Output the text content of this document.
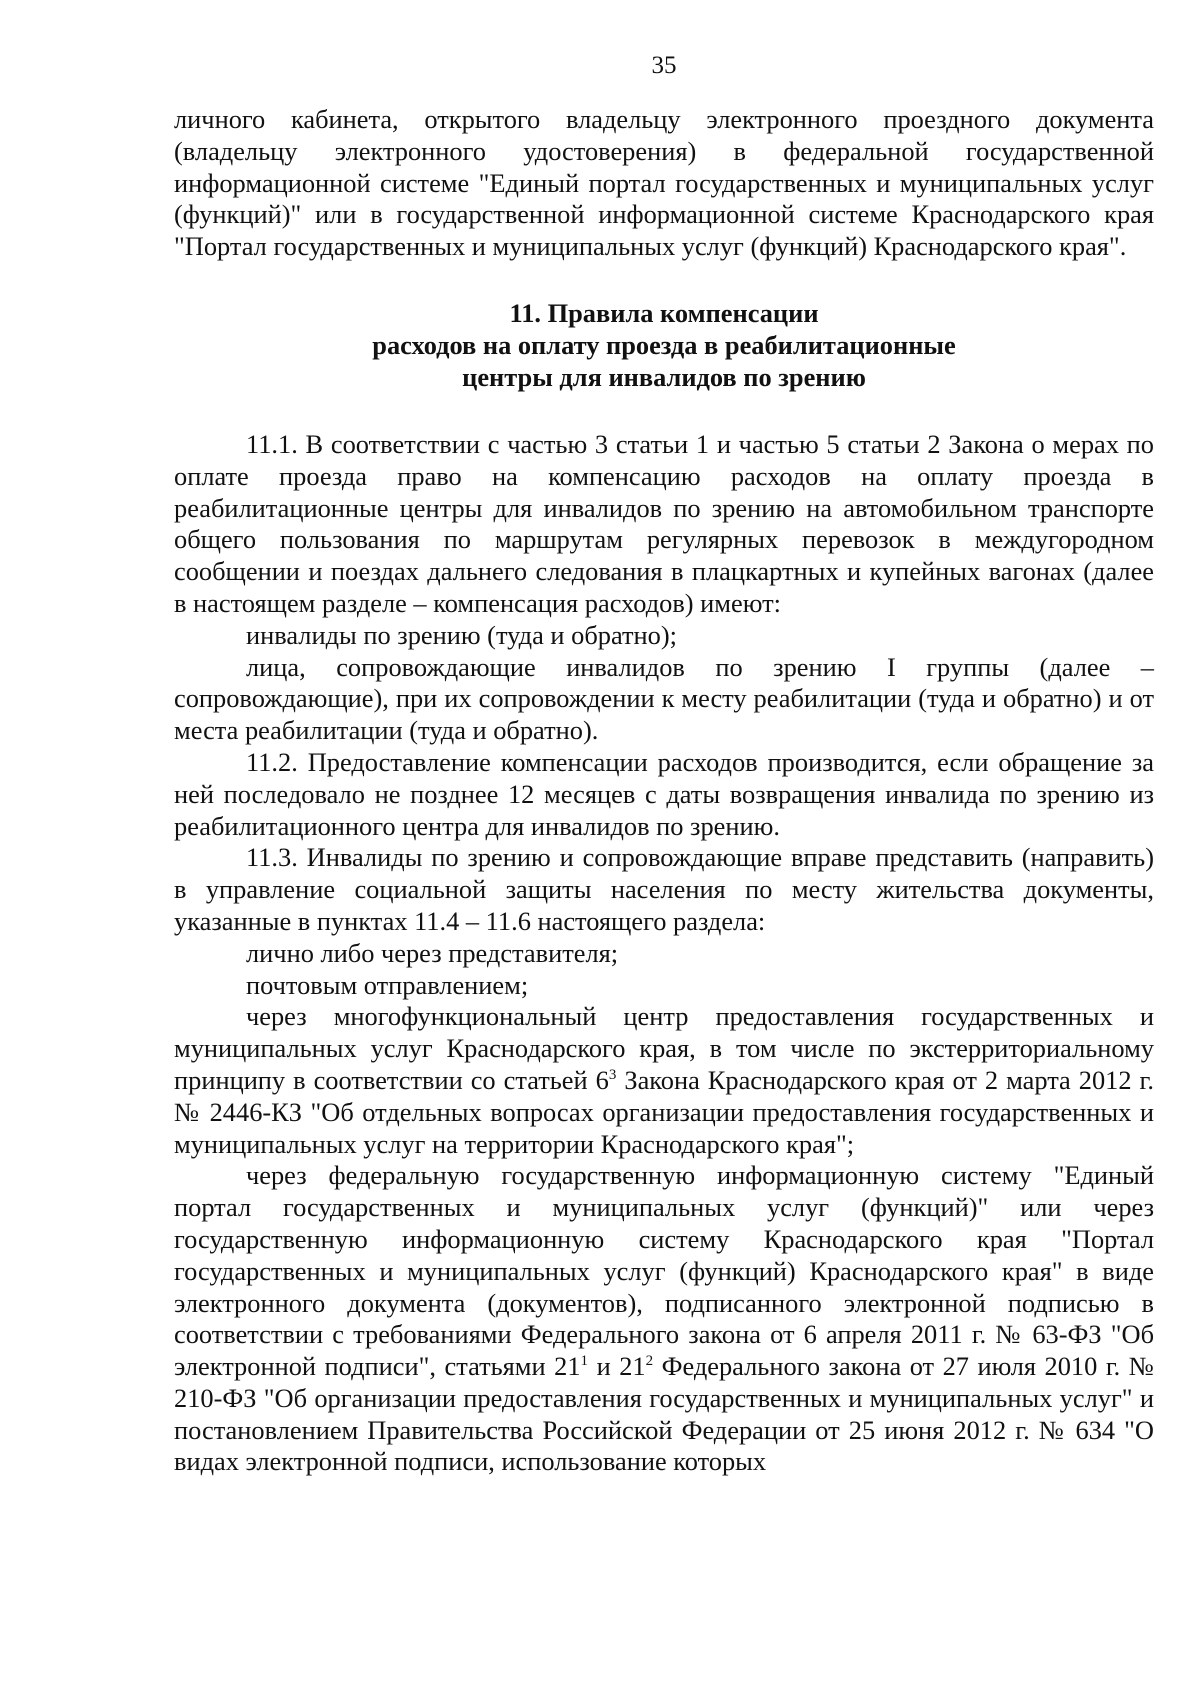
35

личного кабинета, открытого владельцу электронного проездного документа (владельцу электронного удостоверения) в федеральной государственной информационной системе "Единый портал государственных и муниципальных услуг (функций)" или в государственной информационной системе Краснодарского края "Портал государственных и муниципальных услуг (функций) Краснодарского края".

11. Правила компенсации

расходов на оплату проезда в реабилитационные

центры для инвалидов по зрению

11.1. В соответствии с частью 3 статьи 1 и частью 5 статьи 2 Закона о мерах по оплате проезда право на компенсацию расходов на оплату проезда в реабилитационные центры для инвалидов по зрению на автомобильном транспорте общего пользования по маршрутам регулярных перевозок в междугородном сообщении и поездах дальнего следования в плацкартных и купейных вагонах (далее в настоящем разделе – компенсация расходов) имеют:

инвалиды по зрению (туда и обратно);

лица, сопровождающие инвалидов по зрению I группы (далее – сопровождающие), при их сопровождении к месту реабилитации (туда и обратно) и от места реабилитации (туда и обратно).

11.2. Предоставление компенсации расходов производится, если обращение за ней последовало не позднее 12 месяцев с даты возвращения инвалида по зрению из реабилитационного центра для инвалидов по зрению.

11.3. Инвалиды по зрению и сопровождающие вправе представить (направить) в управление социальной защиты населения по месту жительства документы, указанные в пунктах 11.4 – 11.6 настоящего раздела:

лично либо через представителя;

почтовым отправлением;

через многофункциональный центр предоставления государственных и муниципальных услуг Краснодарского края, в том числе по экстерриториальному принципу в соответствии со статьей $6^3$ Закона Краснодарского края от 2 марта 2012 г. № 2446-КЗ "Об отдельных вопросах организации предоставления государственных и муниципальных услуг на территории Краснодарского края";

через федеральную государственную информационную систему "Единый портал государственных и муниципальных услуг (функций)" или через государственную информационную систему Краснодарского края "Портал государственных и муниципальных услуг (функций) Краснодарского края" в виде электронного документа (документов), подписанного электронной подписью в соответствии с требованиями Федерального закона от 6 апреля 2011 г. № 63-ФЗ "Об электронной подписи", статьями $21^1$ и $21^2$ Федерального закона от 27 июля 2010 г. № 210-ФЗ "Об организации предоставления государственных и муниципальных услуг" и постановлением Правительства Российской Федерации от 25 июня 2012 г. № 634 "О видах электронной подписи, использование которых
